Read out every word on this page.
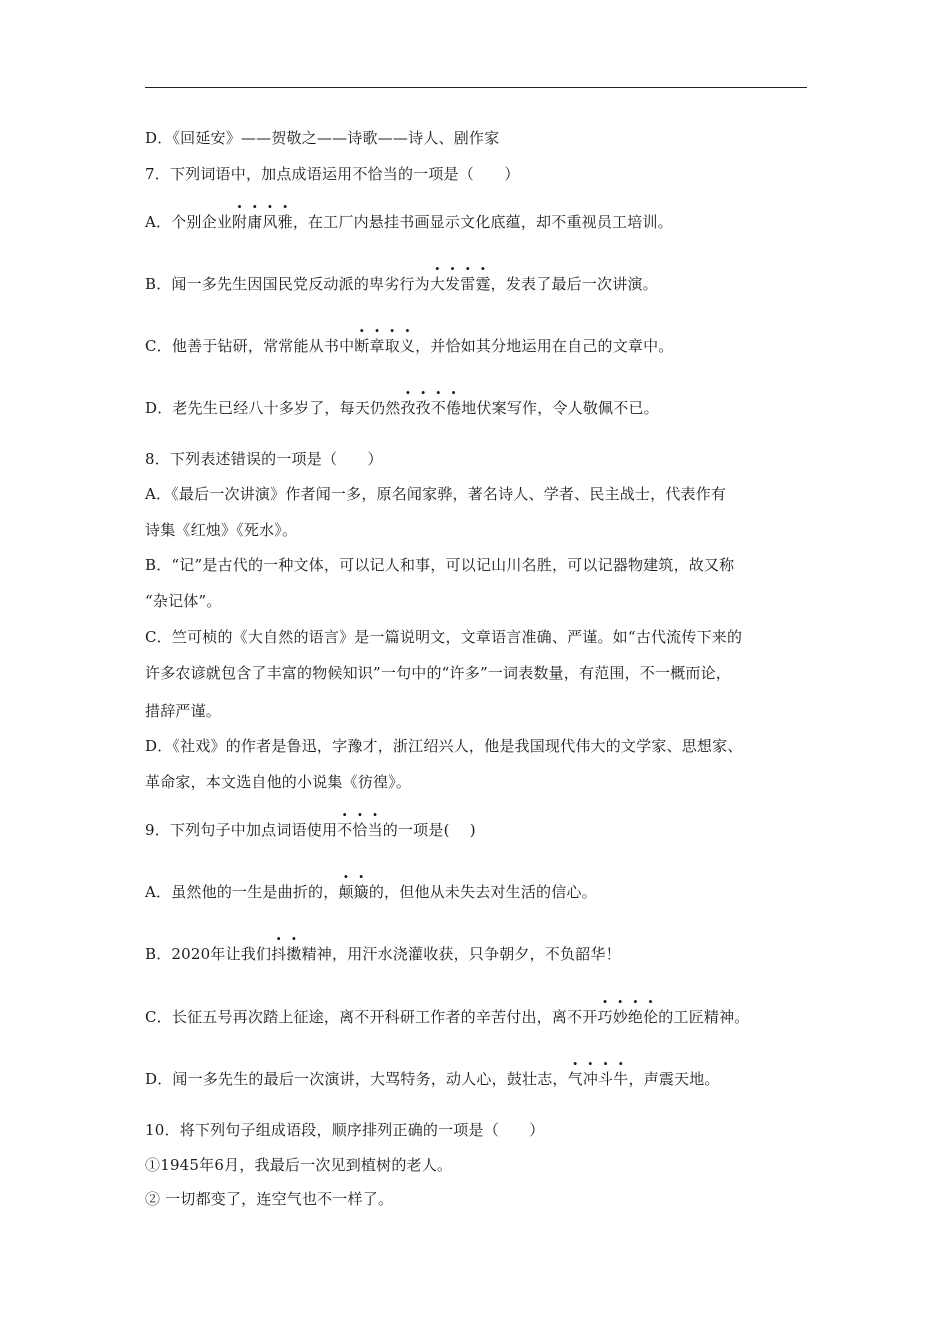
D．《回延安》——贺敬之——诗歌——诗人、剧作家
7．下列词语中，加点成语运用不恰当的一项是（　　）
A．个别企业附庸风雅，在工厂内悬挂书画显示文化底蕴，却不重视员工培训。
B．闻一多先生因国民党反动派的卑劣行为大发雷霆，发表了最后一次讲演。
C．他善于钻研，常常能从书中断章取义，并恰如其分地运用在自己的文章中。
D．老先生已经八十多岁了，每天仍然孜孜不倦地伏案写作，令人敬佩不已。
8．下列表述错误的一项是（　　）
A．《最后一次讲演》作者闻一多，原名闻家骅，著名诗人、学者、民主战士，代表作有
诗集《红烛》《死水》。
B．“记”是古代的一种文体，可以记人和事，可以记山川名胜，可以记器物建筑，故又称
“杂记体”。
C．竺可桢的《大自然的语言》是一篇说明文，文章语言准确、严谨。如“古代流传下来的
许多农谚就包含了丰富的物候知识”一句中的“许多”一词表数量，有范围，不一概而论，
措辞严谨。
D．《社戏》的作者是鲁迅，字豫才，浙江绍兴人，他是我国现代伟大的文学家、思想家、
革命家，本文选自他的小说集《彷徨》。
9．下列句子中加点词语使用不恰当的一项是(　 )
A．虽然他的一生是曲折的，颠簸的，但他从未失去对生活的信心。
B．2020年让我们抖擞精神，用汗水浇灌收获，只争朝夕，不负韶华！
C．长征五号再次踏上征途，离不开科研工作者的辛苦付出，离不开巧妙绝伦的工匠精神。
D．闻一多先生的最后一次演讲，大骂特务，动人心，鼓壮志，气冲斗牛，声震天地。
10．将下列句子组成语段，顺序排列正确的一项是（　　）
①1945年6月，我最后一次见到植树的老人。
② 一切都变了，连空气也不一样了。
